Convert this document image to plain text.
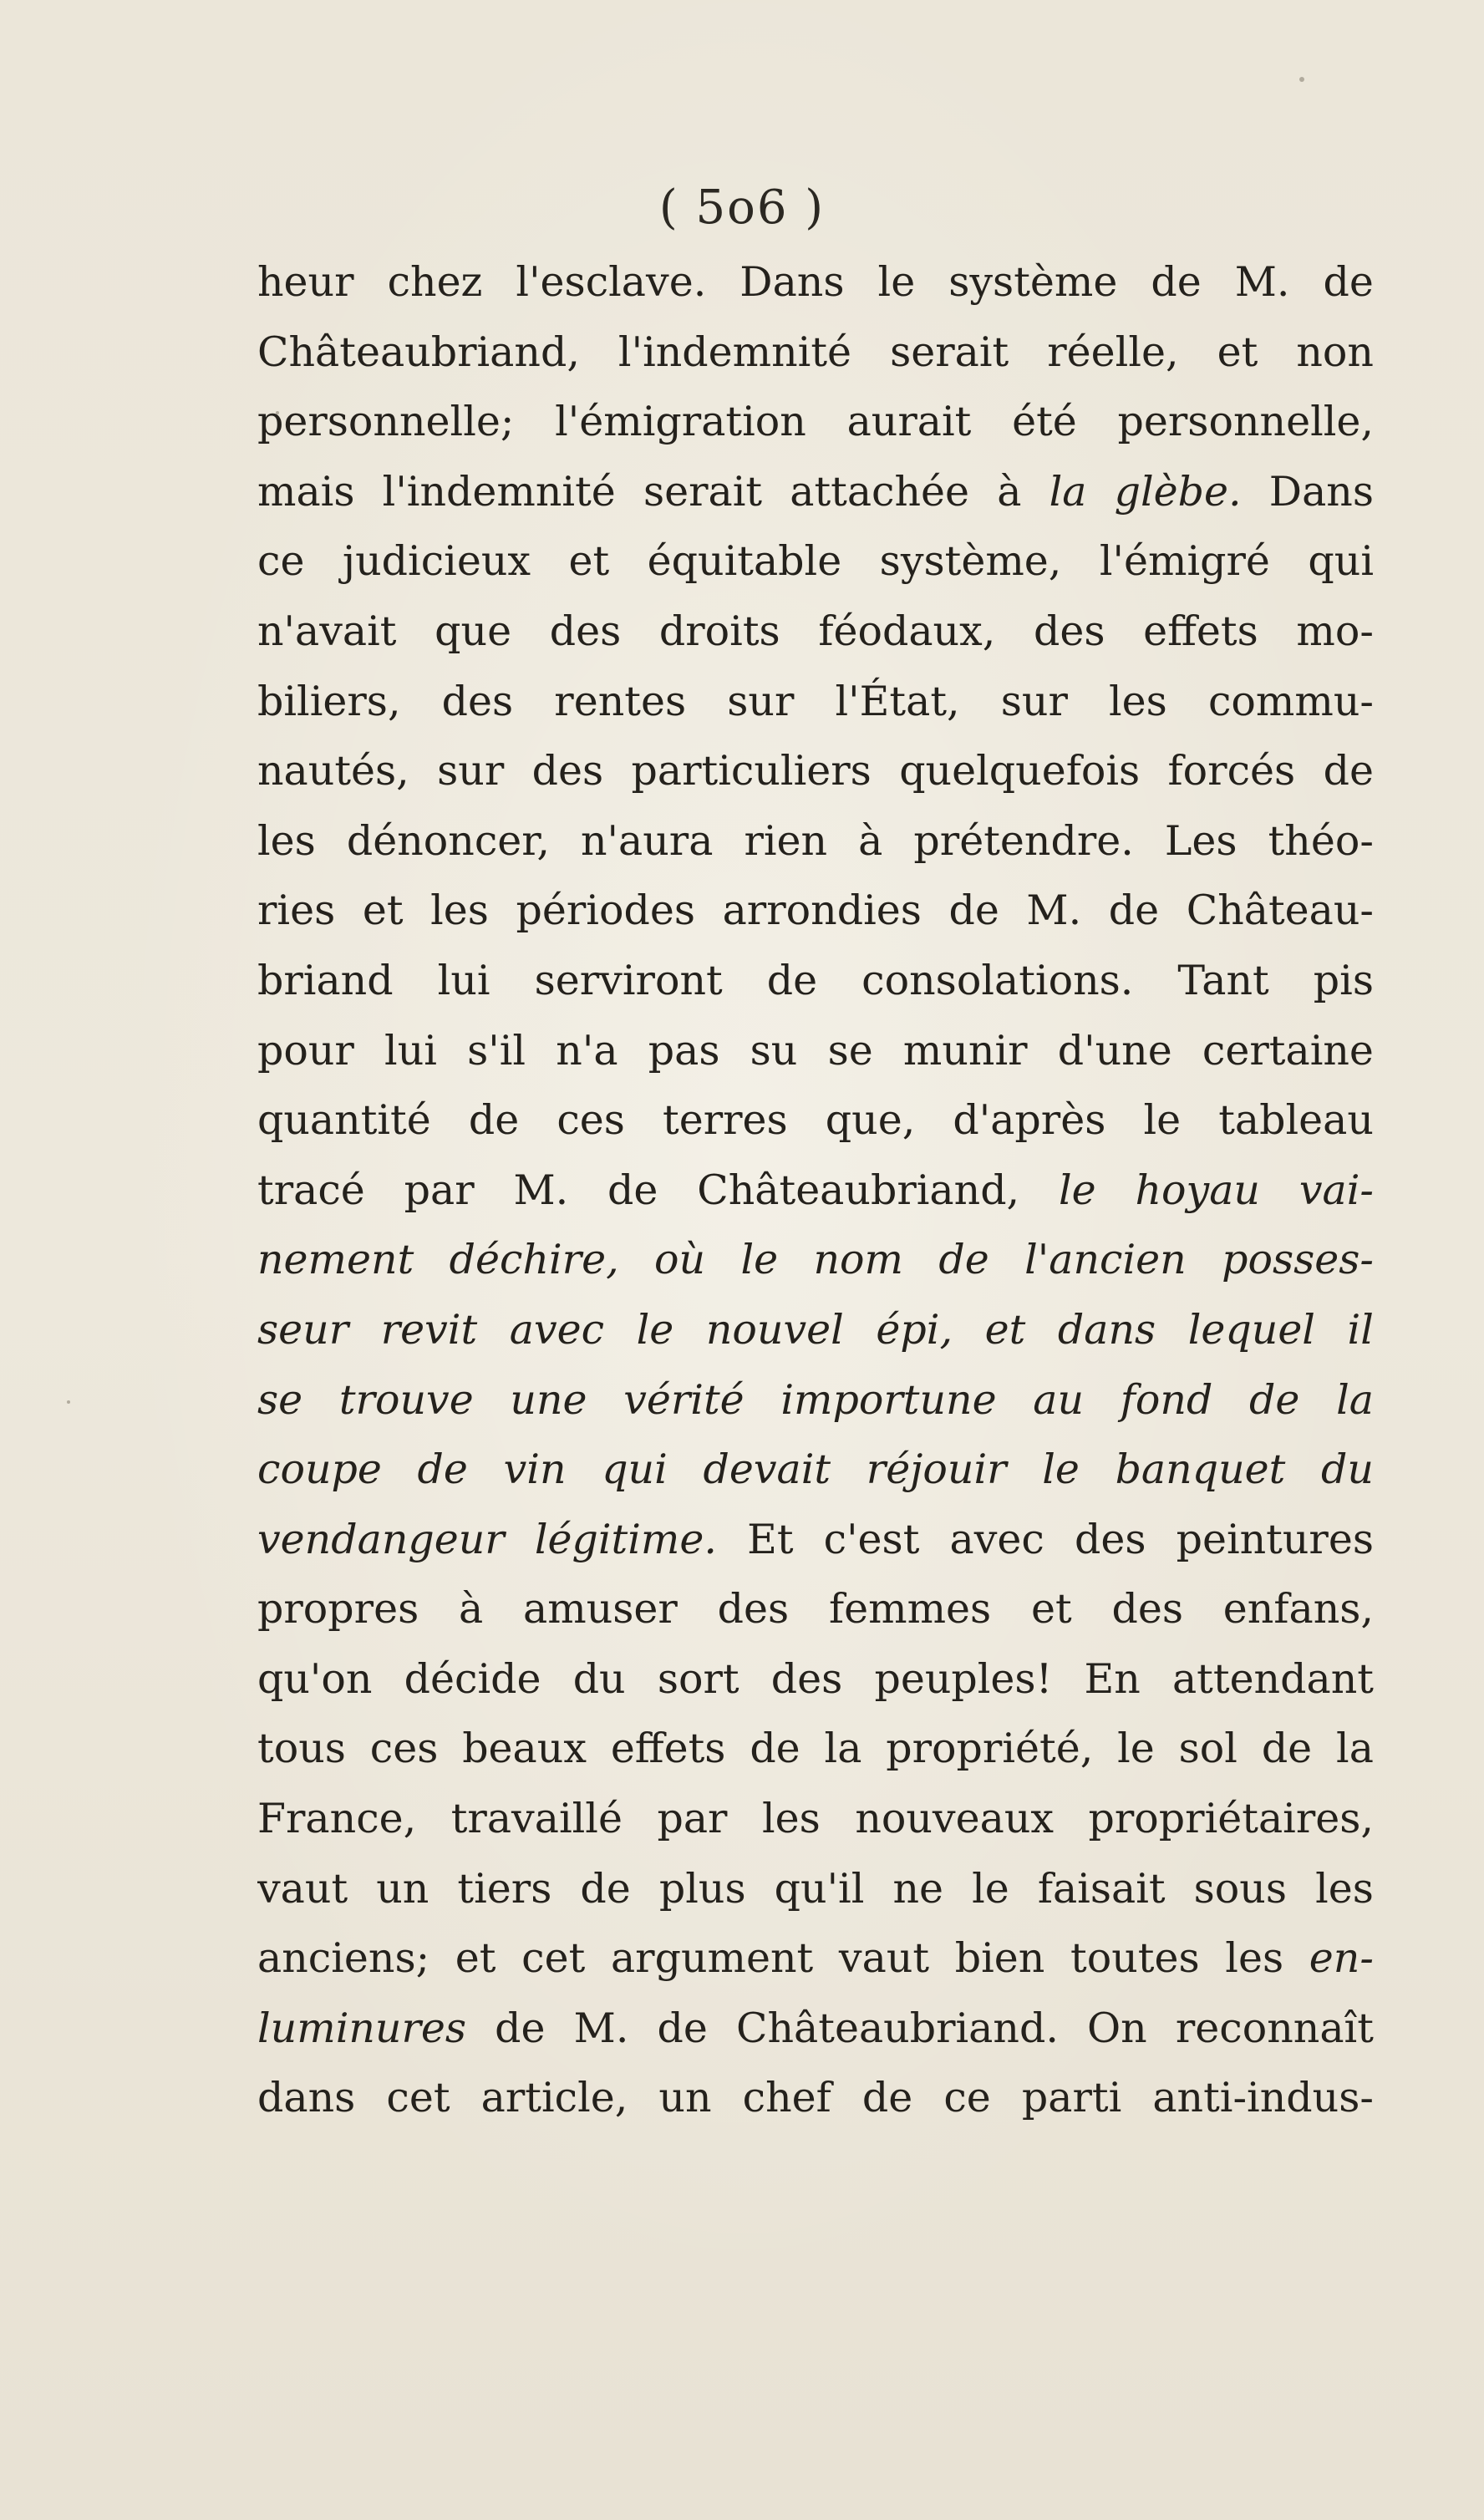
( 5o6 )
heur chez l'esclave. Dans le système de M. de
Châteaubriand, l'indemnité serait réelle, et non
personnelle; l'émigration aurait été personnelle,
mais l'indemnité serait attachée à la glèbe. Dans
ce judicieux et équitable système, l'émigré qui
n'avait que des droits féodaux, des effets mo-
biliers, des rentes sur l'État, sur les commu-
nautés, sur des particuliers quelquefois forcés de
les dénoncer, n'aura rien à prétendre. Les théo-
ries et les périodes arrondies de M. de Château-
briand lui serviront de consolations. Tant pis
pour lui s'il n'a pas su se munir d'une certaine
quantité de ces terres que, d'après le tableau
tracé par M. de Châteaubriand, le hoyau vai-
nement déchire, où le nom de l'ancien posses-
seur revit avec le nouvel épi, et dans lequel il
se trouve une vérité importune au fond de la
coupe de vin qui devait réjouir le banquet du
vendangeur légitime. Et c'est avec des peintures
propres à amuser des femmes et des enfans,
qu'on décide du sort des peuples! En attendant
tous ces beaux effets de la propriété, le sol de la
France, travaillé par les nouveaux propriétaires,
vaut un tiers de plus qu'il ne le faisait sous les
anciens; et cet argument vaut bien toutes les en-
luminures de M. de Châteaubriand. On reconnaît
dans cet article, un chef de ce parti anti-indus-
